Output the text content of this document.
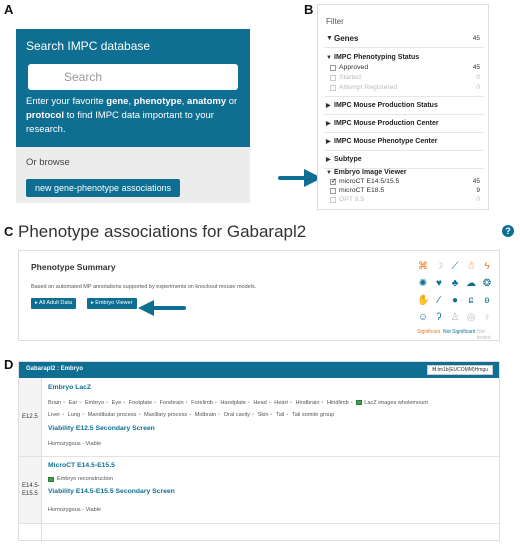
A	B
C
D
Search IMPC database
Search
Enter your favorite gene, phenotype, anatomy or protocol to find IMPC data important to your research.
Or browse
new gene-phenotype associations
Filter
▼ Genes	45
▼ IMPC Phenotyping Status
Approved	45
Started	0
Attempt Registered	0
▶ IMPC Mouse Production Status
▶ IMPC Mouse Production Center
▶ IMPC Mouse Phenotype Center
▶ Subtype
▼ Embryo Image Viewer
✓
microCT E14.5/15.5	45
microCT E18.5	9
OPT 9.5	0
Phenotype associations for Gabarapl2	?
Phenotype Summary
Based on automated MP annotations supported by experiments on knockout mouse models.
▸ All Adult Data	▸ Embryo Viewer
⌘ ☽ ⟋ ☃ ϟ
✺ ♥ ♣ ☁ ❂
✋ ⁄	●	ɕ	ʚ
☺ ʔ ♙ ◎ ♀
Significant Not Significant Not tested
Gabarapl2 : Embryo	H tm1b(EUCOMM)Hmgu
E12.5
Embryo LacZ
Brain • Ear • Embryo • Eye • Footplate • Forebrain • Forelimb • Handplate • Head • Heart • Hindbrain • Hindlimb • LacZ images wholemount
Liver • Lung • Mandibular process • Maxillary process • Midbrain • Oral cavity • Skin • Tail • Tail somite group
Viability E12.5 Secondary Screen
Homozygous - Viable
E14.5-
E15.5
MicroCT E14.5-E15.5
Embryo reconstruction
Viability E14.5-E15.5 Secondary Screen
Homozygous - Viable
